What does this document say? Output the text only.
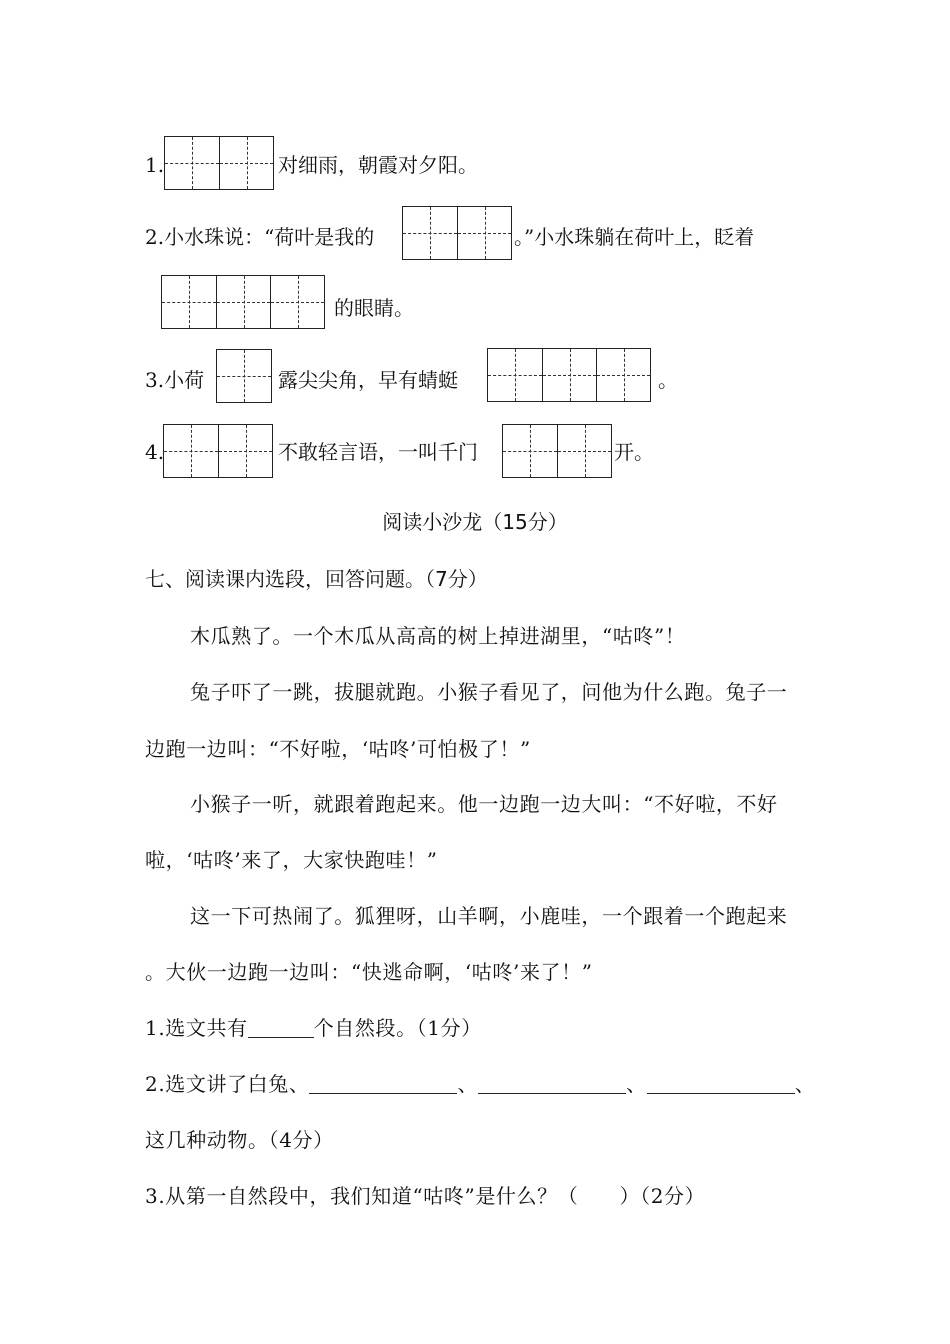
1.	对细雨，朝霞对夕阳。
2.小水珠说：“荷叶是我的	。”小水珠躺在荷叶上，眨着
的眼睛。
3.小荷	露尖尖角，早有蜻蜓	。
4.	不敢轻言语，一叫千门	开。
阅读小沙龙（15分）
七、阅读课内选段，回答问题。（7分）
木瓜熟了。一个木瓜从高高的树上掉进湖里，“咕咚”！
兔子吓了一跳，拔腿就跑。小猴子看见了，问他为什么跑。兔子一
边跑一边叫：“不好啦，‘咕咚’可怕极了！”
小猴子一听，就跟着跑起来。他一边跑一边大叫：“不好啦，不好
啦，‘咕咚’来了，大家快跑哇！”
这一下可热闹了。狐狸呀，山羊啊，小鹿哇，一个跟着一个跑起来
。大伙一边跑一边叫：“快逃命啊，‘咕咚’来了！”
1.选文共有	个自然段。（1分）
2.选文讲了白兔、	、	、	、
这几种动物。（4分）
3.从第一自然段中，我们知道“咕咚”是什么？（　　）（2分）
